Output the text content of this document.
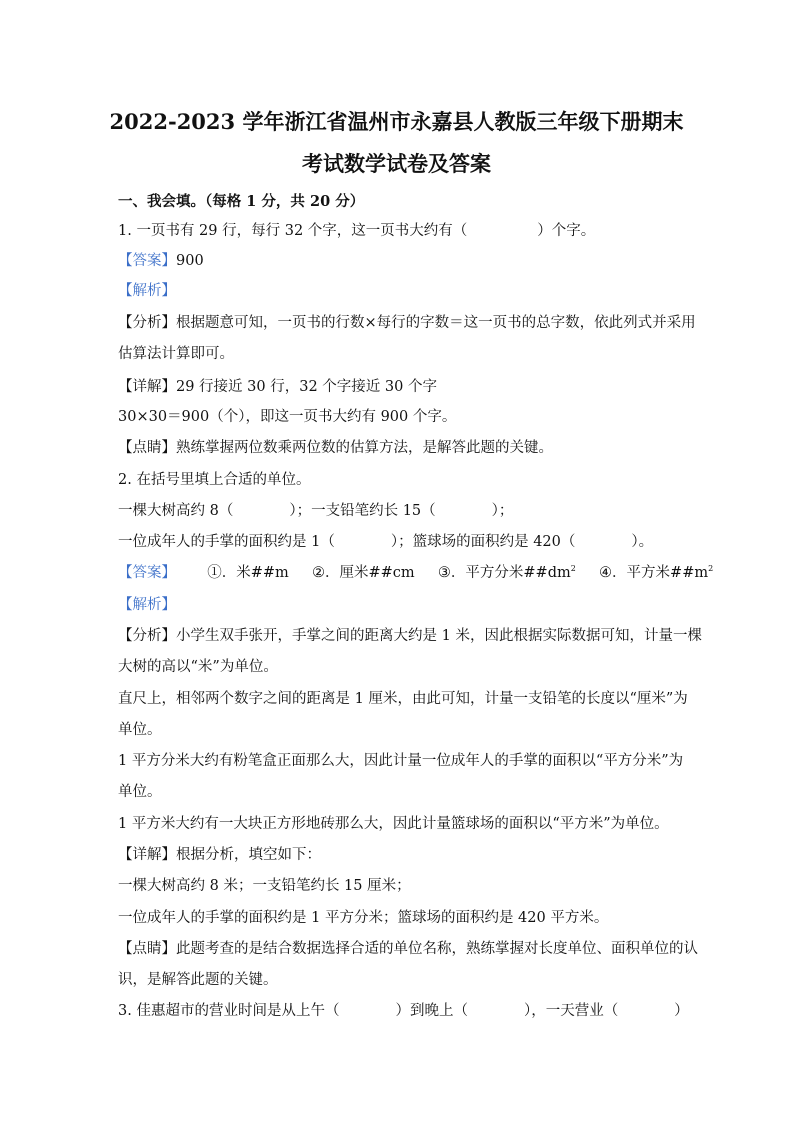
2022-2023 学年浙江省温州市永嘉县人教版三年级下册期末
考试数学试卷及答案
一、我会填。（每格 1 分，共 20 分）
1. 一页书有 29 行，每行 32 个字，这一页书大约有（	）个字。
【答案】900
【解析】
【分析】根据题意可知，一页书的行数×每行的字数＝这一页书的总字数，依此列式并采用
估算法计算即可。
【详解】29 行接近 30 行，32 个字接近 30 个字
30×30＝900（个），即这一页书大约有 900 个字。
【点睛】熟练掌握两位数乘两位数的估算方法，是解答此题的关键。
2. 在括号里填上合适的单位。
一棵大树高约 8（	）；一支铅笔约长 15（	）；
一位成年人的手掌的面积约是 1（	）；篮球场的面积约是 420（	）。
【答案】 ①．米##m ②．厘米##cm ③．平方分米$\#\#dm^2$ ④．平方米$\#\#m^2$
【解析】
【分析】小学生双手张开，手掌之间的距离大约是 1 米，因此根据实际数据可知，计量一棵
大树的高以“米”为单位。
直尺上，相邻两个数字之间的距离是 1 厘米，由此可知，计量一支铅笔的长度以“厘米”为
单位。
1 平方分米大约有粉笔盒正面那么大，因此计量一位成年人的手掌的面积以“平方分米”为
单位。
1 平方米大约有一大块正方形地砖那么大，因此计量篮球场的面积以“平方米”为单位。
【详解】根据分析，填空如下：
一棵大树高约 8 米；一支铅笔约长 15 厘米；
一位成年人的手掌的面积约是 1 平方分米；篮球场的面积约是 420 平方米。
【点睛】此题考查的是结合数据选择合适的单位名称，熟练掌握对长度单位、面积单位的认
识，是解答此题的关键。
3. 佳惠超市的营业时间是从上午（	）到晚上（	），一天营业（	）
